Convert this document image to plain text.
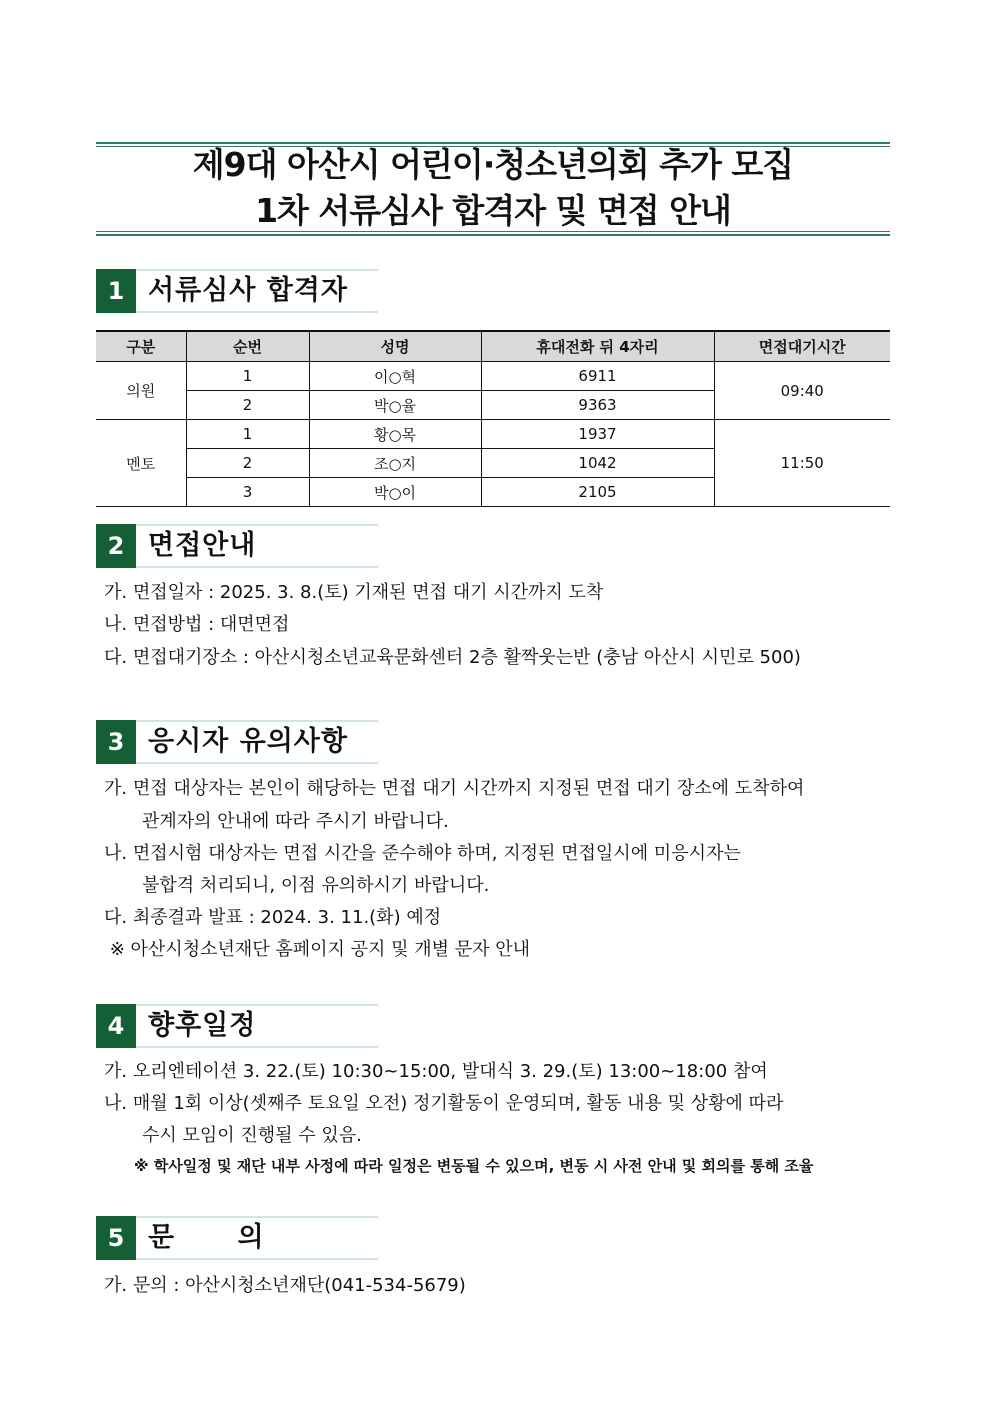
제9대 아산시 어린이·청소년의회 추가 모집
1차 서류심사 합격자 및 면접 안내
1 서류심사 합격자
구분	순번	성명	휴대전화 뒤 4자리	면접대기시간
의원	1	이○혁	6911	09:40
	2	박○율	9363	
멘토	1	황○목	1937	11:50
	2	조○지	1042	
	3	박○이	2105	
2 면접안내
가. 면접일자 : 2025. 3. 8.(토) 기재된 면접 대기 시간까지 도착
나. 면접방법 : 대면면접
다. 면접대기장소 : 아산시청소년교육문화센터 2층 활짝웃는반 (충남 아산시 시민로 500)
3 응시자 유의사항
가. 면접 대상자는 본인이 해당하는 면접 대기 시간까지 지정된 면접 대기 장소에 도착하여
관계자의 안내에 따라 주시기 바랍니다.
나. 면접시험 대상자는 면접 시간을 준수해야 하며, 지정된 면접일시에 미응시자는
불합격 처리되니, 이점 유의하시기 바랍니다.
다. 최종결과 발표 : 2024. 3. 11.(화) 예정
※ 아산시청소년재단 홈페이지 공지 및 개별 문자 안내
4 향후일정
가. 오리엔테이션 3. 22.(토) 10:30~15:00, 발대식 3. 29.(토) 13:00~18:00 참여
나. 매월 1회 이상(셋째주 토요일 오전) 정기활동이 운영되며, 활동 내용 및 상황에 따라
수시 모임이 진행될 수 있음.
※ 학사일정 및 재단 내부 사정에 따라 일정은 변동될 수 있으며, 변동 시 사전 안내 및 회의를 통해 조율
5 문      의
가. 문의 : 아산시청소년재단(041-534-5679)
